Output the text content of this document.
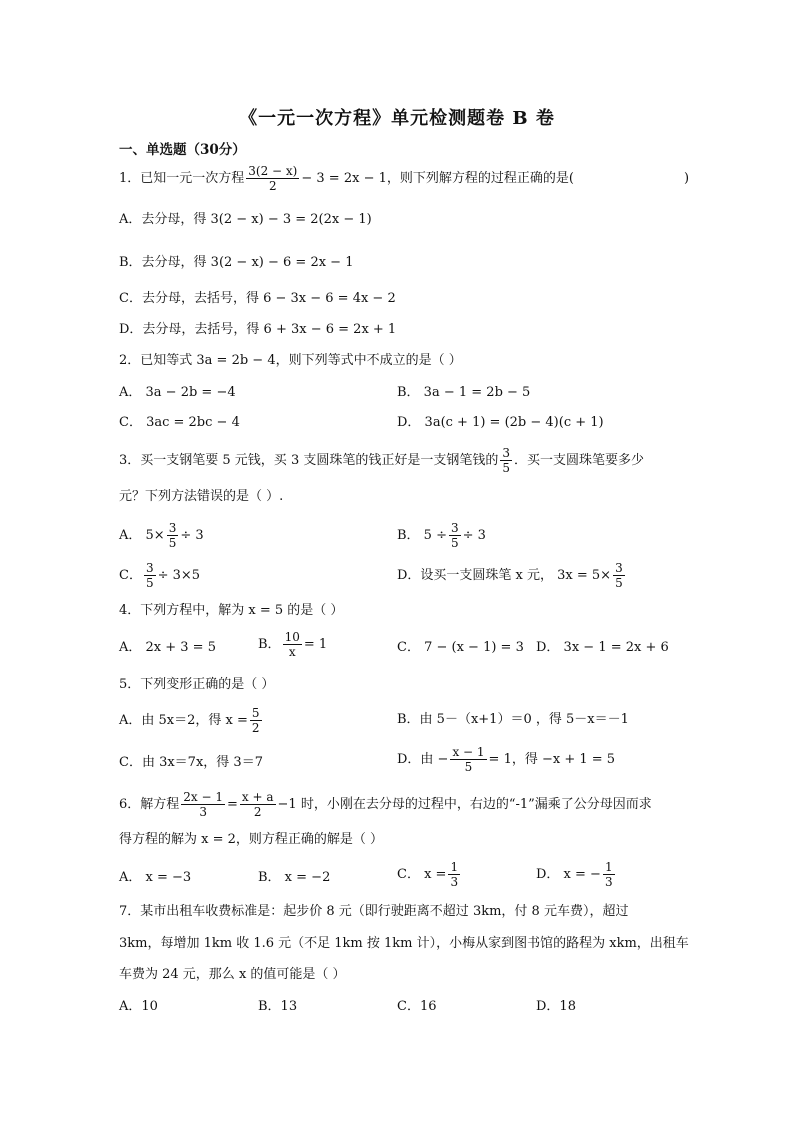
《一元一次方程》单元检测题卷 B 卷
一、单选题（30分）
1．已知一元一次方程 $\frac{3(2 - x)}{2} - 3 = 2x - 1$，则下列解方程的过程正确的是(	)
A．去分母，得 3(2 − x) − 3 = 2(2x − 1)
B．去分母，得 3(2 − x) − 6 = 2x − 1
C．去分母，去括号，得 6 − 3x − 6 = 4x − 2
D．去分母，去括号，得 6 + 3x − 6 = 2x + 1
2．已知等式 3a = 2b − 4，则下列等式中不成立的是（ ）
A． 3a − 2b = −4	B． 3a − 1 = 2b − 5
C． 3ac = 2bc − 4	D． 3a(c + 1) = (2b − 4)(c + 1)
3．买一支钢笔要 5 元钱，买 3 支圆珠笔的钱正好是一支钢笔钱的 $\frac{3}{5}$ ．买一支圆珠笔要多少
元？下列方法错误的是（ ）.
A． $5\times \frac{3}{5} \div 3$	B． $5 \div \frac{3}{5} \div 3$
C． $\frac{3}{5} \div 3\times 5$	D．设买一支圆珠笔 x 元， $3x = 5\times \frac{3}{5}$
4．下列方程中，解为 x = 5 的是（ ）
A． 2x + 3 = 5	B． $\frac{10}{x} = 1$	C． 7 − (x − 1) = 3 D． 3x − 1 = 2x + 6
5．下列变形正确的是（ ）
A．由 5x＝2，得 $x = \frac{5}{2}$	B．由 5－（x+1）＝0 ，得 5－x＝－1
C．由 3x＝7x，得 3＝7	D．由 − $\frac{x - 1}{5} = 1$，得 −x + 1 = 5
6．解方程 $\frac{2x - 1}{3} = \frac{x + a}{2} -1$ 时，小刚在去分母的过程中，右边的“-1”漏乘了公分母因而求
得方程的解为 x = 2，则方程正确的解是（ ）
A． x = −3	B． x = −2	C． $x = \frac{1}{3}$	D． x = − $\frac{1}{3}$
7．某市出租车收费标准是：起步价 8 元（即行驶距离不超过 3km，付 8 元车费），超过
3km，每增加 1km 收 1.6 元（不足 1km 按 1km 计），小梅从家到图书馆的路程为 xkm，出租车
车费为 24 元，那么 x 的值可能是（ ）
A．10	B．13	C．16	D．18
